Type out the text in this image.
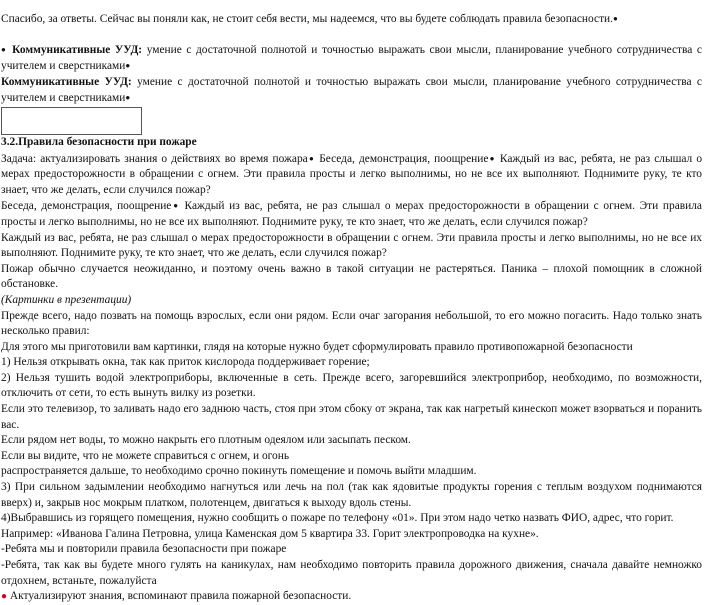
Спасибо, за ответы. Сейчас вы поняли как, не стоит себя вести, мы надеемся, что вы будете соблюдать правила безопасности.●

● Коммуникативные УУД: умение с достаточной полнотой и точностью выражать свои мысли, планирование учебного сотрудничества с учителем и сверстниками●

Коммуникативные УУД: умение с достаточной полнотой и точностью выражать свои мысли, планирование учебного сотрудничества с учителем и сверстниками●

3.2.Правила безопасности при пожаре

Задача: актуализировать знания о действиях во время пожара● Беседа, демонстрация, поощрение● Каждый из вас, ребята, не раз слышал о мерах предосторожности в обращении с огнем. Эти правила просты и легко выполнимы, но не все их выполняют. Поднимите руку, те кто знает, что же делать, если случился пожар?

Беседа, демонстрация, поощрение● Каждый из вас, ребята, не раз слышал о мерах предосторожности в обращении с огнем. Эти правила просты и легко выполнимы, но не все их выполняют. Поднимите руку, те кто знает, что же делать, если случился пожар?

Каждый из вас, ребята, не раз слышал о мерах предосторожности в обращении с огнем. Эти правила просты и легко выполнимы, но не все их выполняют. Поднимите руку, те кто знает, что же делать, если случился пожар?

Пожар обычно случается неожиданно, и поэтому очень важно в такой ситуации не растеряться. Паника – плохой помощник в сложной обстановке.

(Картинки в презентации)

Прежде всего, надо позвать на помощь взрослых, если они рядом. Если очаг загорания небольшой, то его можно погасить. Надо только знать несколько правил:

Для этого мы приготовили вам картинки, глядя на которые нужно будет сформулировать правило противопожарной безопасности

1) Нельзя открывать окна, так как приток кислорода поддерживает горение;

2) Нельзя тушить водой электроприборы, включенные в сеть. Прежде всего, загоревшийся электроприбор, необходимо, по возможности, отключить от сети, то есть вынуть вилку из розетки.

Если это телевизор, то заливать надо его заднюю часть, стоя при этом сбоку от экрана, так как нагретый кинескоп может взорваться и поранить вас.

Если рядом нет воды, то можно накрыть его плотным одеялом или засыпать песком.

Если вы видите, что не можете справиться с огнем, и огонь

распространяется дальше, то необходимо срочно покинуть помещение и помочь выйти младшим.

3) При сильном задымлении необходимо нагнуться или лечь на пол (так как ядовитые продукты горения с теплым воздухом поднимаются вверх) и, закрыв нос мокрым платком, полотенцем, двигаться к выходу вдоль стены.

4)Выбравшись из горящего помещения, нужно сообщить о пожаре по телефону «01». При этом надо четко назвать ФИО, адрес, что горит.

Например: «Иванова Галина Петровна, улица Каменская дом 5 квартира 33. Горит электропроводка на кухне».

-Ребята мы и повторили правила безопасности при пожаре

-Ребята, так как вы будете много гулять на каникулах, нам необходимо повторить правила дорожного движения, сначала давайте немножко отдохнем, встаньте, пожалуйста

● Актуализируют знания, вспоминают правила пожарной безопасности.
